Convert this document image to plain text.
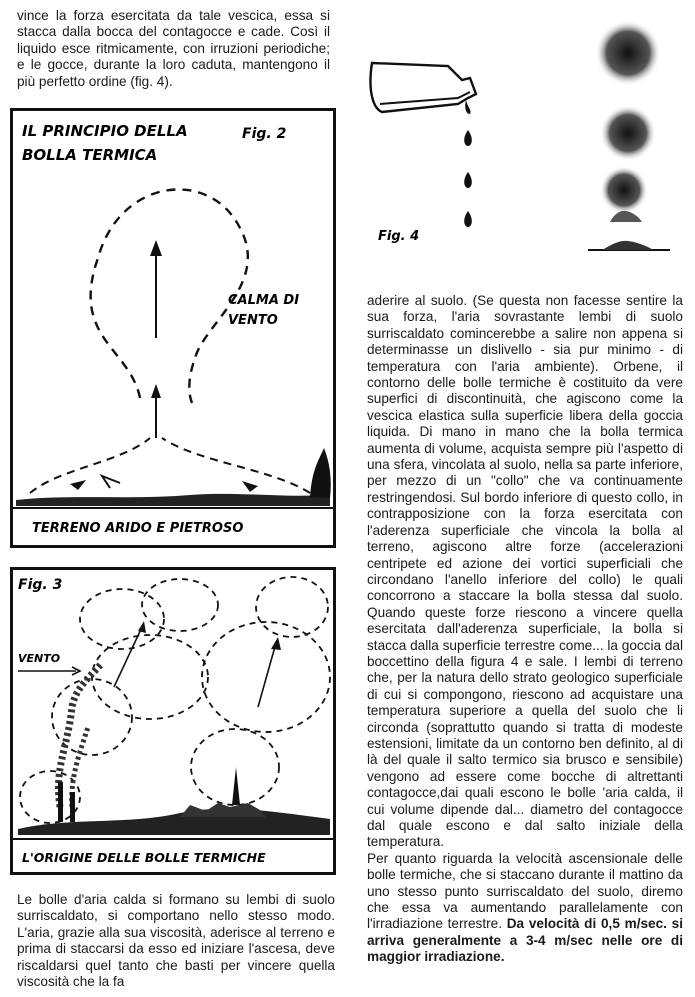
vince la forza esercitata da tale vescica, essa si stacca dalla bocca del contagocce e cade. Così il liquido esce ritmicamente, con irruzioni periodiche; e le gocce, durante la loro caduta, mantengono il più perfetto ordine (fig. 4).

IL PRINCIPIO DELLA
BOLLA TERMICA
Fig. 2
CALMA DI
VENTO
TERRENO ARIDO E PIETROSO
Fig. 3
VENTO
L'ORIGINE DELLE BOLLE TERMICHE
Fig. 4

aderire al suolo. (Se questa non facesse sentire la sua forza, l'aria sovrastante lembi di suolo surriscaldato comincerebbe a salire non appena si determinasse un dislivello - sia pur minimo - di temperatura con l'aria ambiente). Orbene, il contorno delle bolle termiche è costituito da vere superfici di discontinuità, che agiscono come la vescica elastica sulla superficie libera della goccia liquida. Di mano in mano che la bolla termica aumenta di volume, acquista sempre più l'aspetto di una sfera, vincolata al suolo, nella sa parte inferiore, per mezzo di un "collo" che va continuamente restringendosi. Sul bordo inferiore di questo collo, in contrapposizione con la forza esercitata con l'aderenza superficiale che vincola la bolla al terreno, agiscono altre forze (accelerazioni centripete ed azione dei vortici superficiali che circondano l'anello inferiore del collo) le quali concorrono a staccare la bolla stessa dal suolo. Quando queste forze riescono a vincere quella esercitata dall'aderenza superficiale, la bolla si stacca dalla superficie terrestre come... la goccia dal boccettino della figura 4 e sale. I lembi di terreno che, per la natura dello strato geologico superficiale di cui si compongono, riescono ad acquistare una temperatura superiore a quella del suolo che li circonda (soprattutto quando si tratta di modeste estensioni, limitate da un contorno ben definito, al di là del quale il salto termico sia brusco e sensibile) vengono ad essere come bocche di altrettanti contagocce,dai quali escono le bolle 'aria calda, il cui volume dipende dal... diametro del contagocce dal quale escono e dal salto iniziale della temperatura.

Per quanto riguarda la velocità ascensionale delle bolle termiche, che si staccano durante il mattino da uno stesso punto surriscaldato del suolo, diremo che essa va aumentando parallelamente con l'irradiazione terrestre. Da velocità di 0,5 m/sec. si arriva generalmente a 3-4 m/sec nelle ore di maggior irradiazione.

Le bolle d'aria calda si formano su lembi di suolo surriscaldato, si comportano nello stesso modo. L'aria, grazie alla sua viscosità, aderisce al terreno e prima di staccarsi da esso ed iniziare l'ascesa, deve riscaldarsi quel tanto che basti per vincere quella viscosità che la fa
